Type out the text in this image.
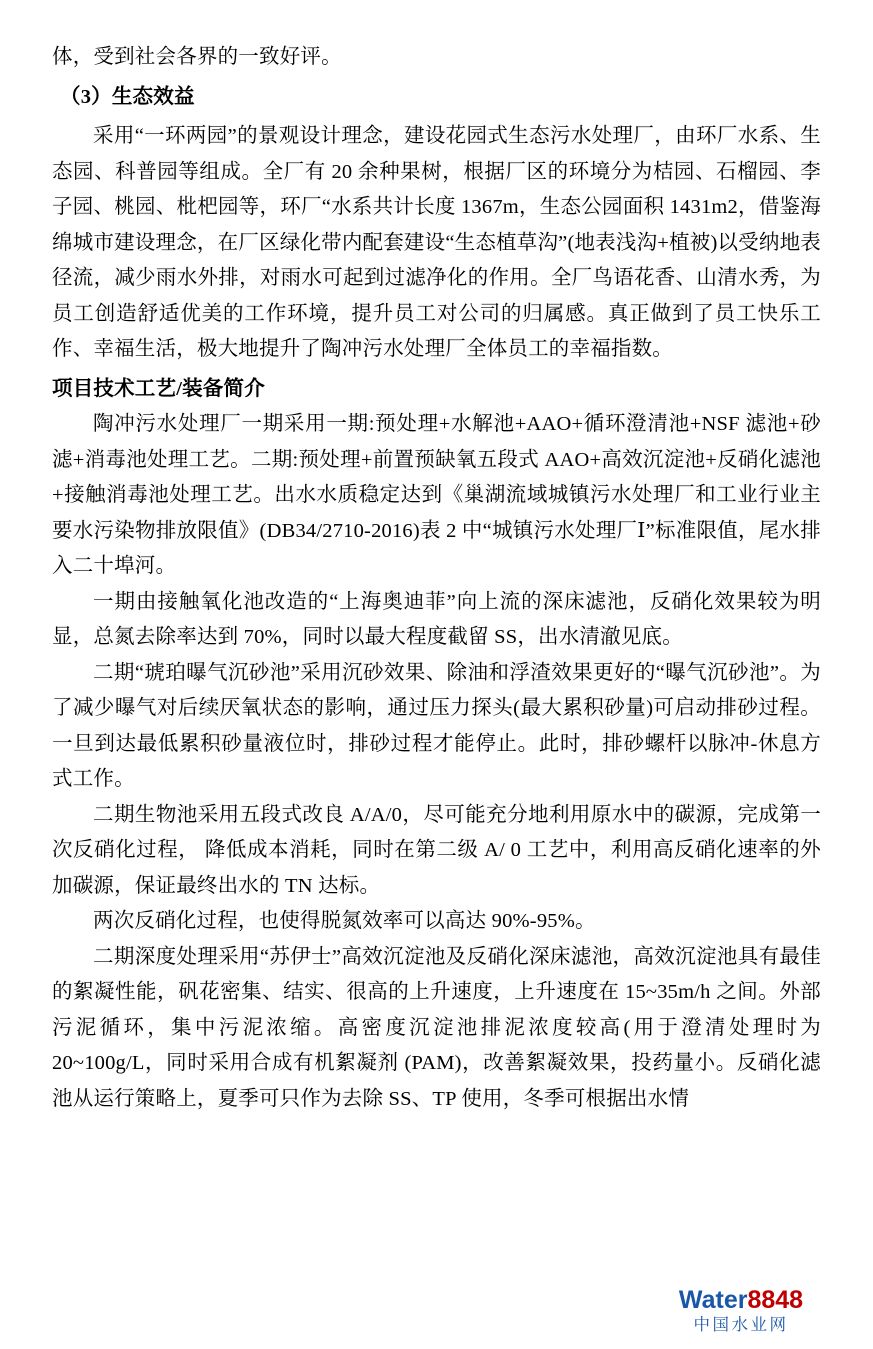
体，受到社会各界的一致好评。

（3）生态效益

采用“一环两园”的景观设计理念，建设花园式生态污水处理厂，由环厂水系、生态园、科普园等组成。全厂有 20 余种果树，根据厂区的环境分为桔园、石榴园、李子园、桃园、枇杷园等，环厂“水系共计长度 1367m，生态公园面积 1431m2，借鉴海绵城市建设理念，在厂区绿化带内配套建设“生态植草沟”(地表浅沟+植被)以受纳地表径流，减少雨水外排，对雨水可起到过滤净化的作用。全厂鸟语花香、山清水秀，为员工创造舒适优美的工作环境，提升员工对公司的归属感。真正做到了员工快乐工作、幸福生活，极大地提升了陶冲污水处理厂全体员工的幸福指数。

项目技术工艺/装备简介

陶冲污水处理厂一期采用一期:预处理+水解池+AAO+循环澄清池+NSF 滤池+砂滤+消毒池处理工艺。二期:预处理+前置预缺氧五段式 AAO+高效沉淀池+反硝化滤池+接触消毒池处理工艺。出水水质稳定达到《巢湖流域城镇污水处理厂和工业行业主要水污染物排放限值》(DB34/2710-2016)表 2 中“城镇污水处理厂Ⅰ”标准限值，尾水排入二十埠河。

一期由接触氧化池改造的“上海奥迪菲”向上流的深床滤池，反硝化效果较为明显，总氮去除率达到 70%，同时以最大程度截留 SS，出水清澈见底。

二期“琥珀曝气沉砂池”采用沉砂效果、除油和浮渣效果更好的“曝气沉砂池”。为了减少曝气对后续厌氧状态的影响，通过压力探头(最大累积砂量)可启动排砂过程。一旦到达最低累积砂量液位时，排砂过程才能停止。此时，排砂螺杆以脉冲-休息方式工作。

二期生物池采用五段式改良 A/A/0，尽可能充分地利用原水中的碳源，完成第一次反硝化过程， 降低成本消耗，同时在第二级 A/ 0 工艺中，利用高反硝化速率的外加碳源，保证最终出水的 TN 达标。

两次反硝化过程，也使得脱氮效率可以高达 90%-95%。

二期深度处理采用“苏伊士”高效沉淀池及反硝化深床滤池，高效沉淀池具有最佳的絮凝性能，矾花密集、结实、很高的上升速度，上升速度在 15~35m/h 之间。外部污泥循环，集中污泥浓缩。高密度沉淀池排泥浓度较高(用于澄清处理时为 20~100g/L，同时采用合成有机絮凝剂 (PAM)，改善絮凝效果，投药量小。反硝化滤池从运行策略上，夏季可只作为去除 SS、TP 使用，冬季可根据出水情

Water8848
中国水业网
